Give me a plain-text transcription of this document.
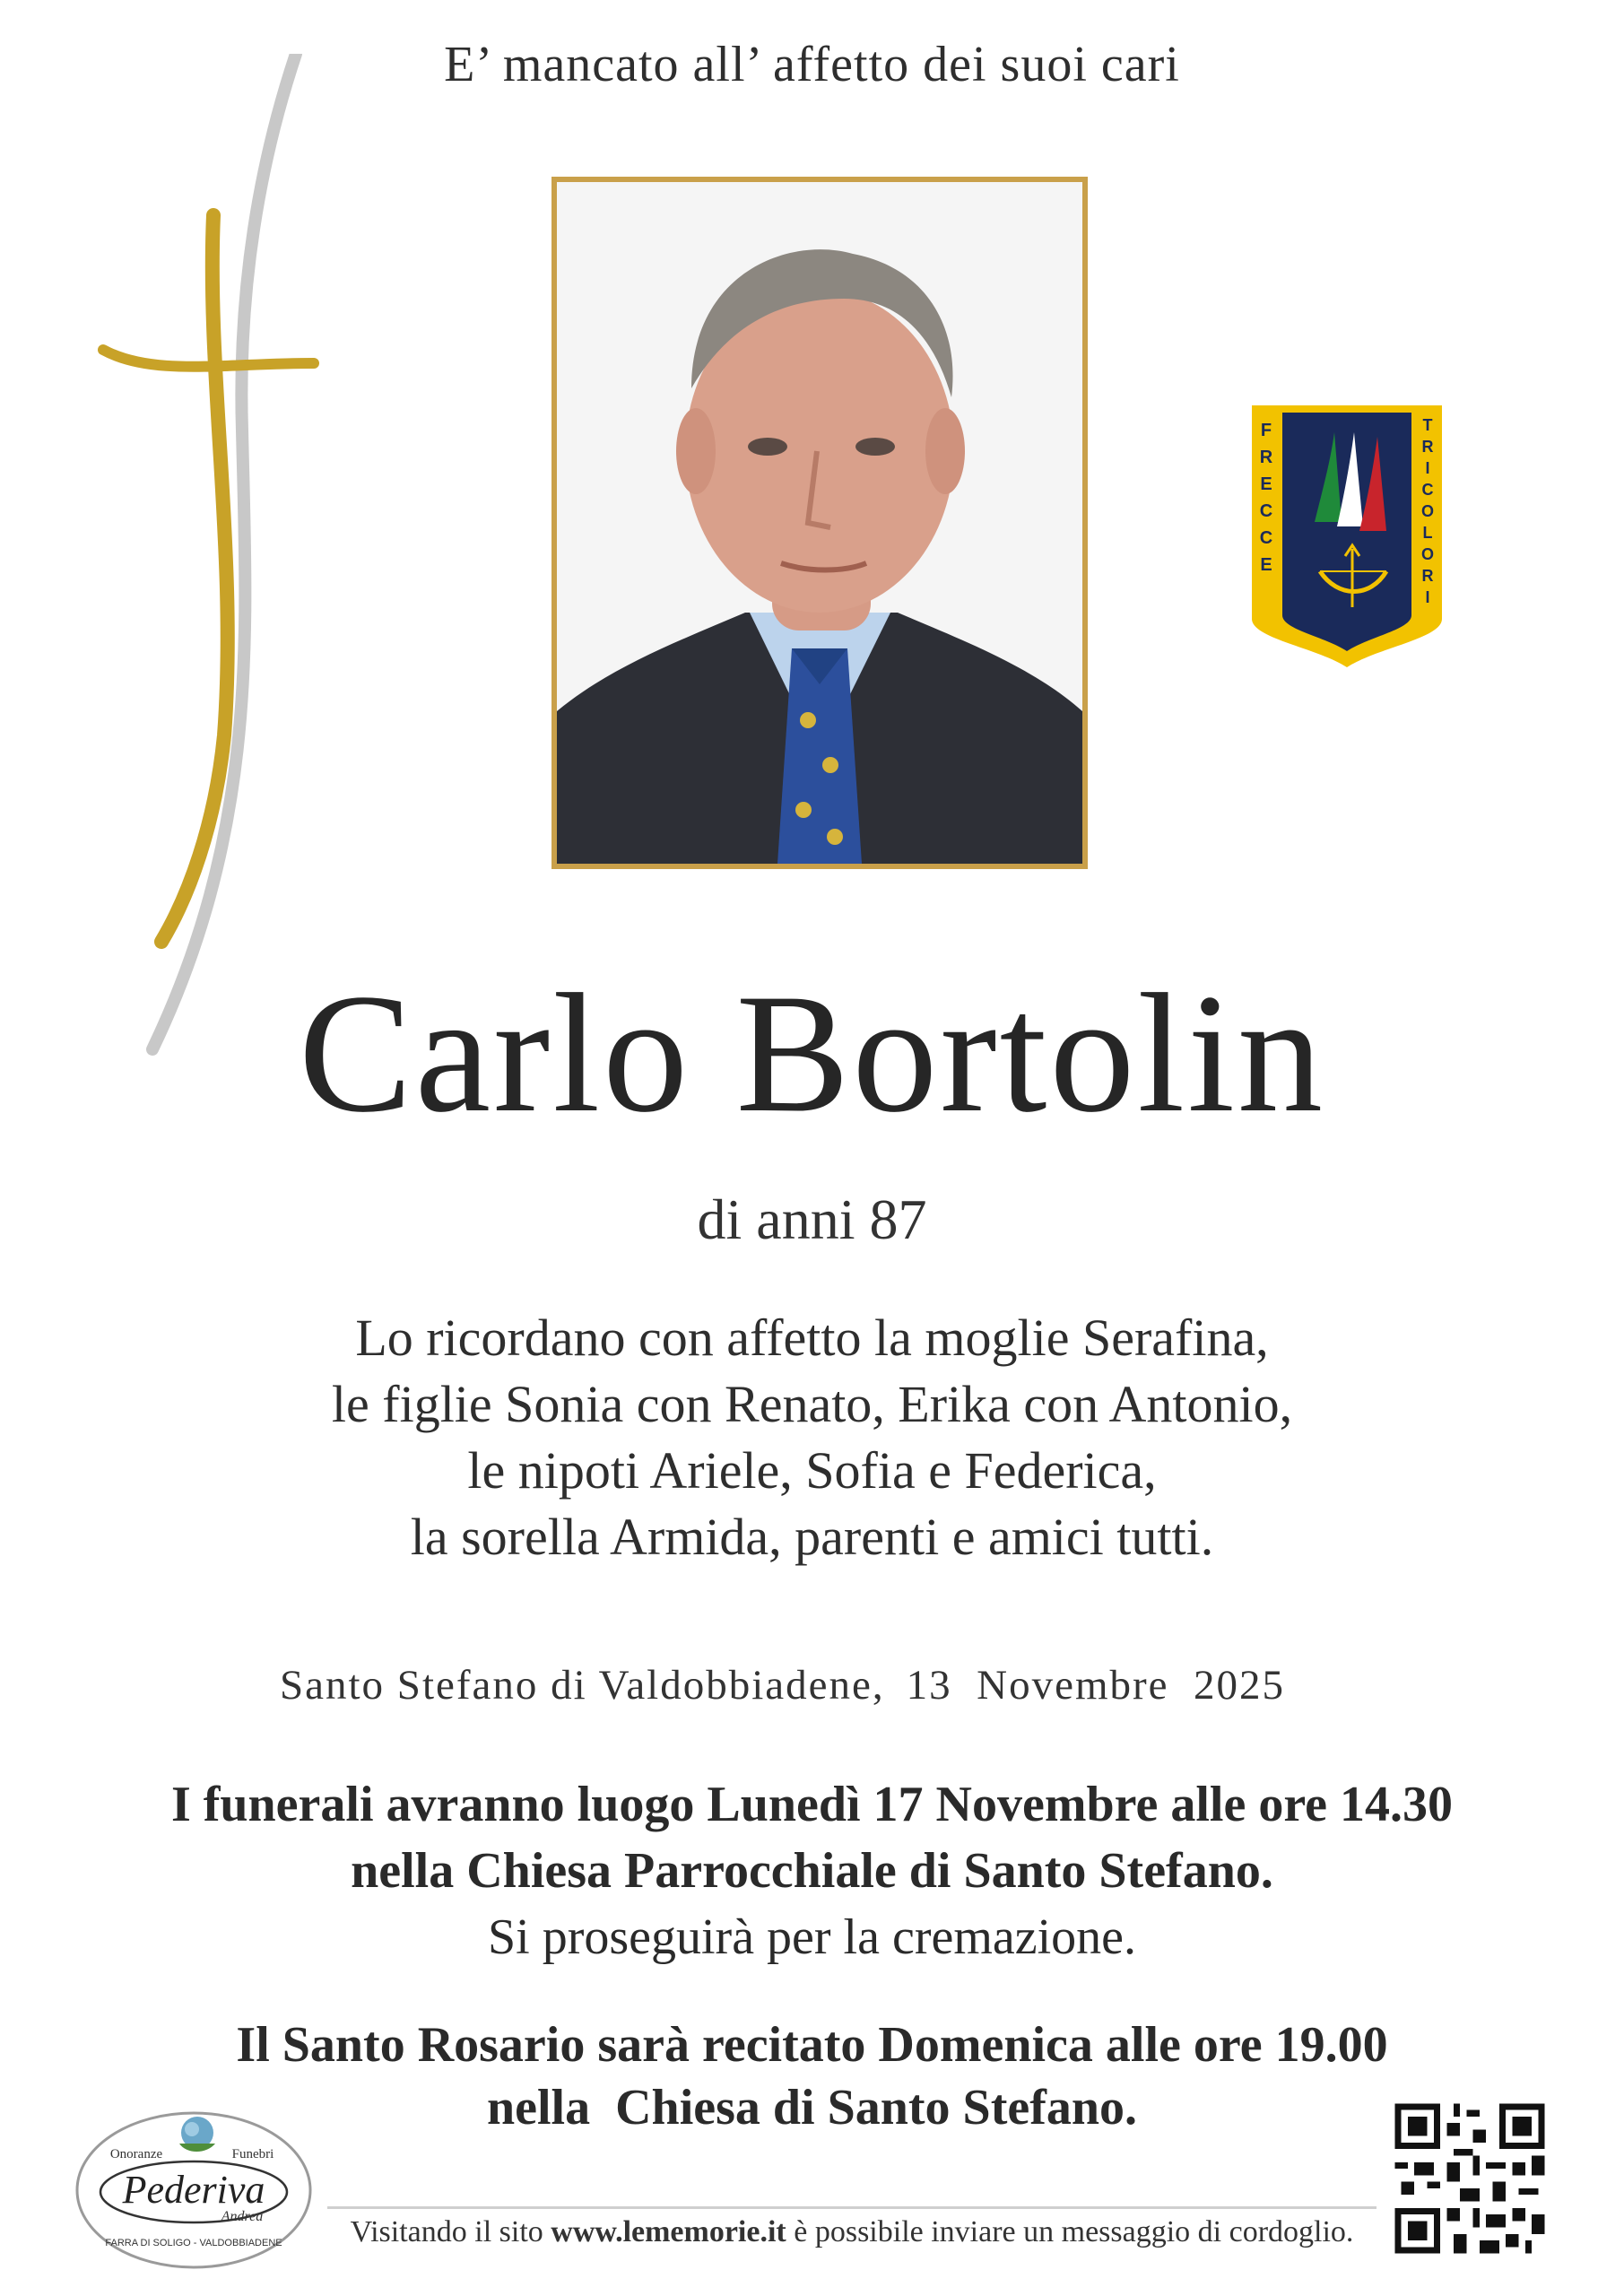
E’ mancato all’ affetto dei suoi cari
F R E C C E
T R I C O L O R I
Carlo Bortolin
di anni 87
Lo ricordano con affetto la moglie Serafina,
le figlie Sonia con Renato, Erika con Antonio,
le nipoti Ariele, Sofia e Federica,
la sorella Armida, parenti e amici tutti.
Santo Stefano di Valdobbiadene, 13  Novembre  2025
I funerali avranno luogo Lunedì 17 Novembre alle ore 14.30
nella Chiesa Parrocchiale di Santo Stefano.
Si proseguirà per la cremazione.
Il Santo Rosario sarà recitato Domenica alle ore 19.00
nella  Chiesa di Santo Stefano.
Onoranze	Funebri
Pederiva
Andrea
FARRA DI SOLIGO - VALDOBBIADENE	Visitando il sito www.lememorie.it è possibile inviare un messaggio di cordoglio.
